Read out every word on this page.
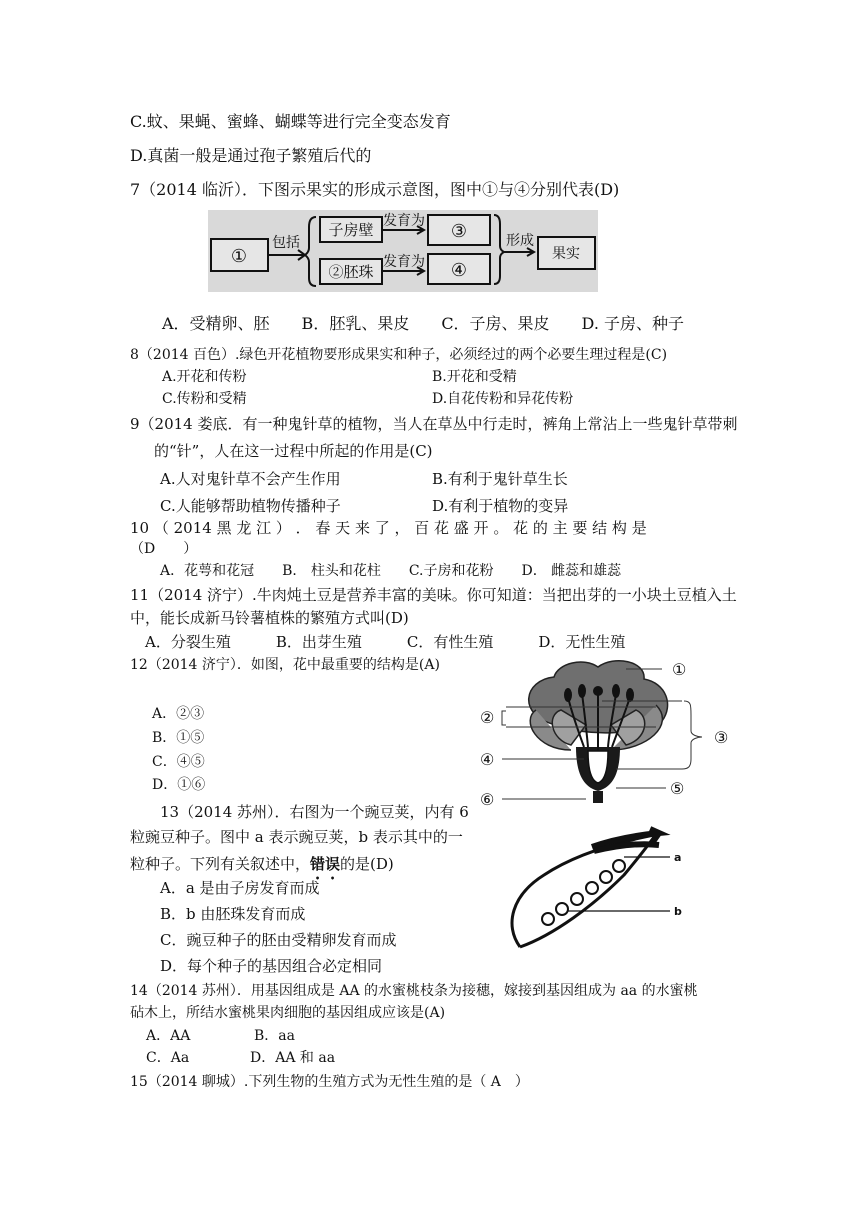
C.蚊、果蝇、蜜蜂、蝴蝶等进行完全变态发育
D.真菌一般是通过孢子繁殖后代的
7（2014 临沂）．下图示果实的形成示意图，图中①与④分别代表(D)
①
包括
子房壁
②胚珠
发育为
发育为
③
④
形成
果实
A．受精卵、胚　　B．胚乳、果皮　　C．子房、果皮　　D. 子房、种子
8（2014 百色）.绿色开花植物要形成果实和种子，必须经过的两个必要生理过程是(C)
A.开花和传粉	B.开花和受精
C.传粉和受精	D.自花传粉和异花传粉
9（2014 娄底．有一种鬼针草的植物，当人在草丛中行走时，裤角上常沾上一些鬼针草带刺
的“针”，人在这一过程中所起的作用是(C)
A.人对鬼针草不会产生作用	B.有利于鬼针草生长
C.人能够帮助植物传播种子	D.有利于植物的变异
10 （ 2014 黑 龙 江 ） ． 春 天 来 了 ， 百 花 盛 开 。 花 的 主 要 结 构 是
（D　　）
A．花萼和花冠　　B． 柱头和花柱　　C.子房和花粉　　D． 雌蕊和雄蕊
11（2014 济宁）.牛肉炖土豆是营养丰富的美味。你可知道：当把出芽的一小块土豆植入土
中，能长成新马铃薯植株的繁殖方式叫(D)
A．分裂生殖　　　B．出芽生殖　　　C．有性生殖　　　D．无性生殖
12（2014 济宁）．如图，花中最重要的结构是(A)
A．②③
B．①⑤
C．④⑤
D．①⑥
①
②
③
④
⑤
⑥
13（2014 苏州）．右图为一个豌豆荚，内有 6
粒豌豆种子。图中 a 表示豌豆荚，b 表示其中的一
粒种子。下列有关叙述中，错误的是(D)
A．a 是由子房发育而成
B．b 由胚珠发育而成
C．豌豆种子的胚由受精卵发育而成
D．每个种子的基因组合必定相同
a
b
14（2014 苏州）．用基因组成是 AA 的水蜜桃枝条为接穗，嫁接到基因组成为 aa 的水蜜桃
砧木上，所结水蜜桃果肉细胞的基因组成应该是(A)
A．AA	B．aa
C．Aa	D．AA 和 aa
15（2014 聊城）.下列生物的生殖方式为无性生殖的是（ A　）
